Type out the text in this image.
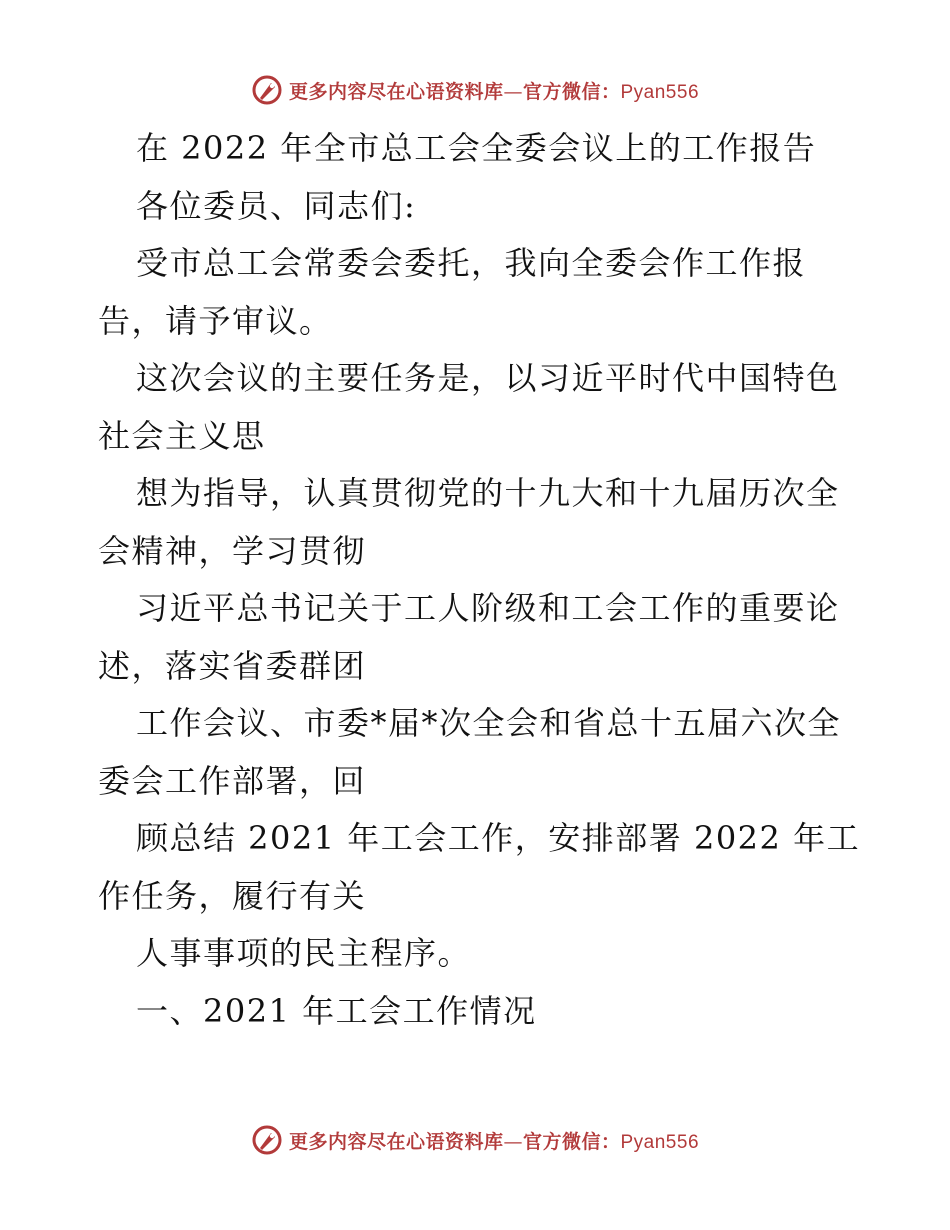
更多内容尽在心语资料库—官方微信：Pyan556
在 2022 年全市总工会全委会议上的工作报告
各位委员、同志们:
受市总工会常委会委托，我向全委会作工作报
告，请予审议。
这次会议的主要任务是，以习近平时代中国特色
社会主义思
想为指导，认真贯彻党的十九大和十九届历次全
会精神，学习贯彻
习近平总书记关于工人阶级和工会工作的重要论
述，落实省委群团
工作会议、市委*届*次全会和省总十五届六次全
委会工作部署，回
顾总结 2021 年工会工作，安排部署 2022 年工
作任务，履行有关
人事事项的民主程序。
一、2021 年工会工作情况
更多内容尽在心语资料库—官方微信：Pyan556
